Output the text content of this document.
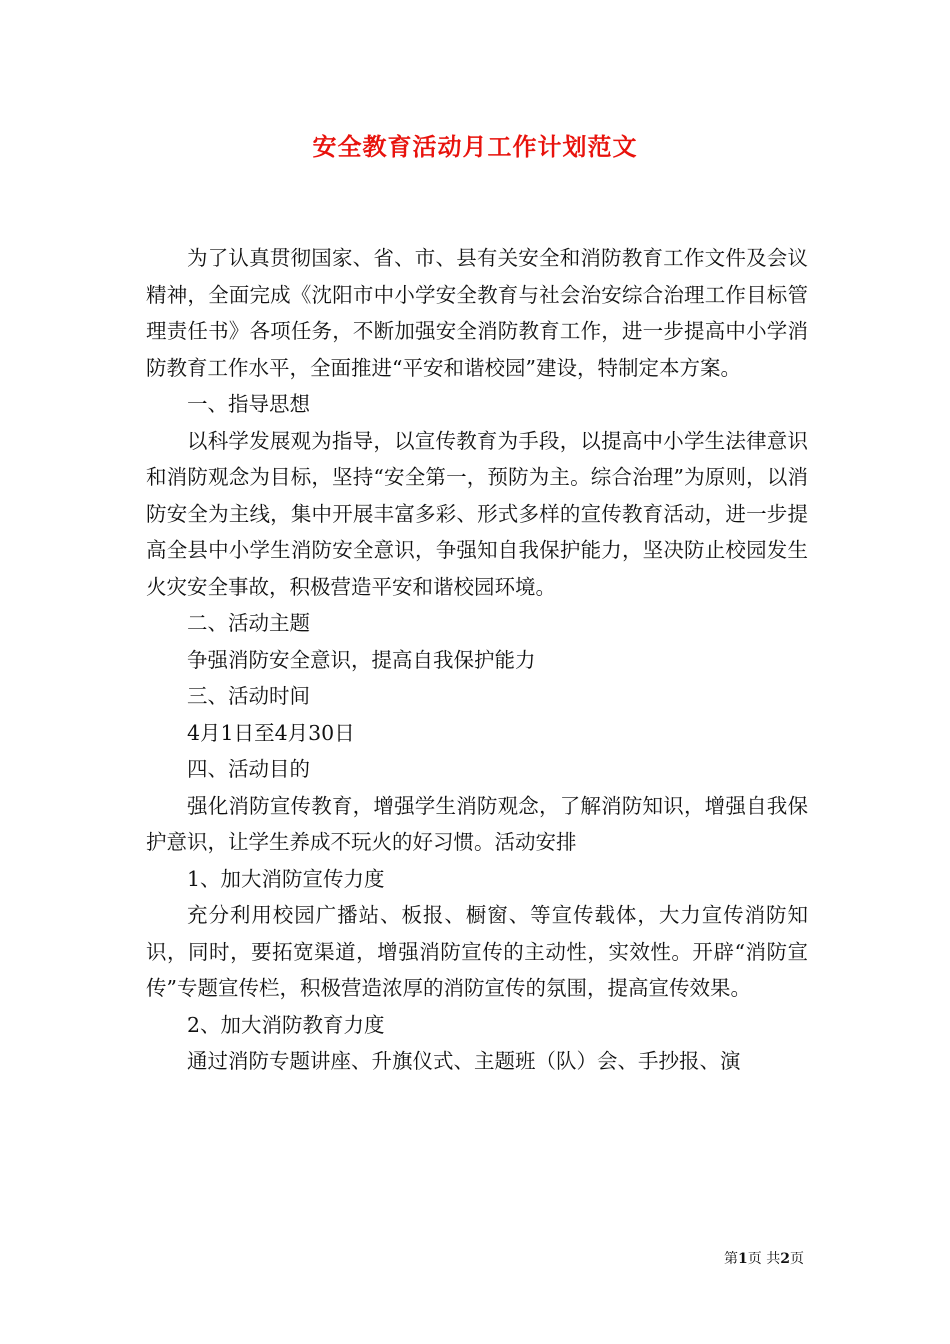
安全教育活动月工作计划范文

为了认真贯彻国家、省、市、县有关安全和消防教育工作文件及会议精神，全面完成《沈阳市中小学安全教育与社会治安综合治理工作目标管理责任书》各项任务，不断加强安全消防教育工作，进一步提高中小学消防教育工作水平，全面推进“平安和谐校园”建设，特制定本方案。

一、指导思想

以科学发展观为指导，以宣传教育为手段，以提高中小学生法律意识和消防观念为目标，坚持“安全第一，预防为主。综合治理”为原则，以消防安全为主线，集中开展丰富多彩、形式多样的宣传教育活动，进一步提高全县中小学生消防安全意识，争强知自我保护能力，坚决防止校园发生火灾安全事故，积极营造平安和谐校园环境。

二、活动主题

争强消防安全意识，提高自我保护能力

三、活动时间

4月1日至4月30日

四、活动目的

强化消防宣传教育，增强学生消防观念，了解消防知识，增强自我保护意识，让学生养成不玩火的好习惯。活动安排

1、加大消防宣传力度

充分利用校园广播站、板报、橱窗、等宣传载体，大力宣传消防知识，同时，要拓宽渠道，增强消防宣传的主动性，实效性。开辟“消防宣传”专题宣传栏，积极营造浓厚的消防宣传的氛围，提高宣传效果。

2、加大消防教育力度

通过消防专题讲座、升旗仪式、主题班（队）会、手抄报、演

第1页 共2页
